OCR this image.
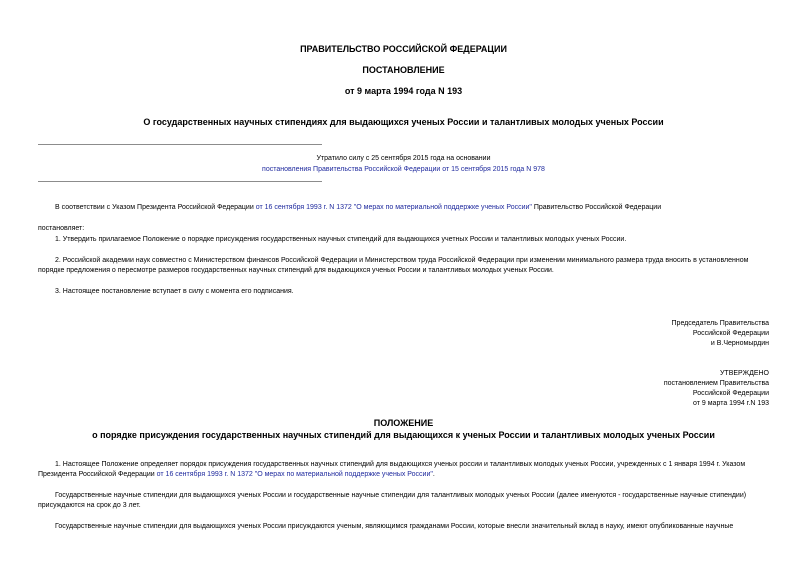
ПРАВИТЕЛЬСТВО РОССИЙСКОЙ ФЕДЕРАЦИИ
ПОСТАНОВЛЕНИЕ
от 9 марта 1994 года N 193
О государственных научных стипендиях для выдающихся ученых России и талантливых молодых ученых России
Утратило силу с 25 сентября 2015 года на основании
постановления Правительства Российской Федерации от 15 сентября 2015 года N 978
В соответствии с Указом Президента Российской Федерации от 16 сентября 1993 г. N 1372 "О мерах по материальной поддержке ученых России" Правительство Российской Федерации
постановляет:
1. Утвердить прилагаемое Положение о порядке присуждения государственных научных стипендий для выдающихся учетных России и талантливых молодых ученых России.
2. Российской академии наук совместно с Министерством финансов Российской Федерации и Министерством труда Российской Федерации при изменении минимального размера труда вносить в установленном
порядке предложения о пересмотре размеров государственных научных стипендий для выдающихся ученых России и талантливых молодых ученых России.
3. Настоящее постановление вступает в силу с момента его подписания.
Председатель Правительства
Российской Федерации
и В.Черномырдин
УТВЕРЖДЕНО
постановлением Правительства
Российской Федерации
от 9 марта 1994 г.N 193
ПОЛОЖЕНИЕ
о порядке присуждения государственных научных стипендий для выдающихся к ученых России и талантливых молодых ученых России
1. Настоящее Положение определяет порядок присуждения государственных научных стипендий для выдающихся ученых россии и талантливых молодых ученых России, учрежденных с 1 января 1994 г. Указом
Президента Российской Федерации от 16 сентября 1993 г. N 1372 "О мерах по материальной поддержке ученых России".
Государственные научные стипендии для выдающихся ученых России и государственные научные стипендии для талантливых молодых ученых России (далее именуются - государственные научные стипендии)
присуждаются на срок до 3 лет.
Государственные научные стипендии для выдающихся ученых России присуждаются ученым, являющимся гражданами России, которые внесли значительный вклад в науку, имеют опубликованные научные
